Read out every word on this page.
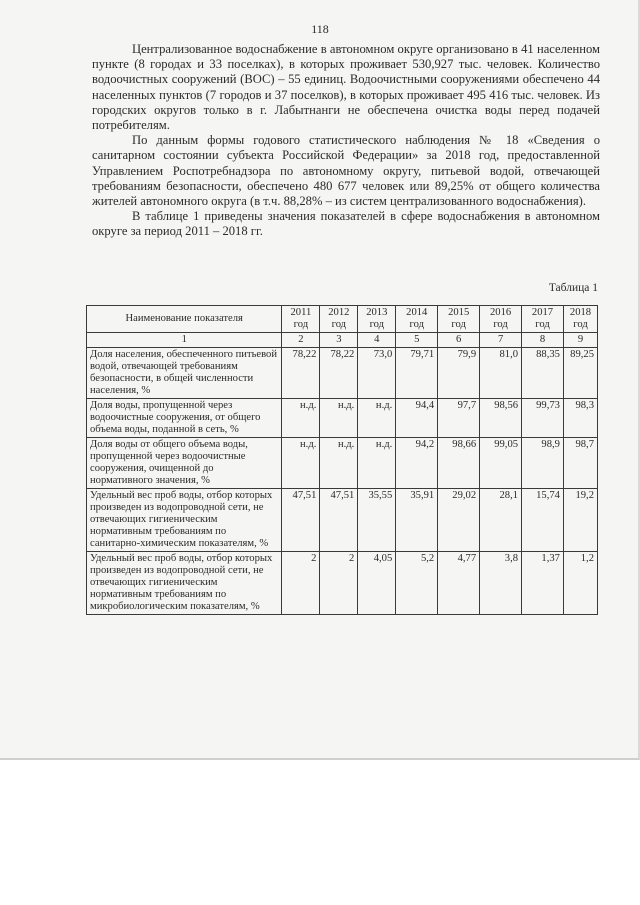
118

Централизованное водоснабжение в автономном округе организовано в 41 населенном пункте (8 городах и 33 поселках), в которых проживает 530,927 тыс. человек. Количество водоочистных сооружений (ВОС) – 55 единиц. Водоочистными сооружениями обеспечено 44 населенных пунктов (7 городов и 37 поселков), в которых проживает 495 416 тыс. человек. Из городских округов только в г. Лабытнанги не обеспечена очистка воды перед подачей потребителям.

По данным формы годового статистического наблюдения № 18 «Сведения о санитарном состоянии субъекта Российской Федерации» за 2018 год, предоставленной Управлением Роспотребнадзора по автономному округу, питьевой водой, отвечающей требованиям безопасности, обеспечено 480 677 человек или 89,25% от общего количества жителей автономного округа (в т.ч. 88,28% – из систем централизованного водоснабжения).

В таблице 1 приведены значения показателей в сфере водоснабжения в автономном округе за период 2011 – 2018 гг.

Таблица 1
Наименование показателя	2011 год	2012 год	2013 год	2014 год	2015 год	2016 год	2017 год	2018 год
1	2	3	4	5	6	7	8	9
Доля населения, обеспеченного питьевой водой, отвечающей требованиям безопасности, в общей численности населения, %	78,22	78,22	73,0	79,71	79,9	81,0	88,35	89,25
Доля воды, пропущенной через водоочистные сооружения, от общего объема воды, поданной в сеть, %	н.д.	н.д.	н.д.	94,4	97,7	98,56	99,73	98,3
Доля воды от общего объема воды, пропущенной через водоочистные сооружения, очищенной до нормативного значения, %	н.д.	н.д.	н.д.	94,2	98,66	99,05	98,9	98,7
Удельный вес проб воды, отбор которых произведен из водопроводной сети, не отвечающих гигиеническим нормативным требованиям по санитарно-химическим показателям, %	47,51	47,51	35,55	35,91	29,02	28,1	15,74	19,2
Удельный вес проб воды, отбор которых произведен из водопроводной сети, не отвечающих гигиеническим нормативным требованиям по микробиологическим показателям, %	2	2	4,05	5,2	4,77	3,8	1,37	1,2
